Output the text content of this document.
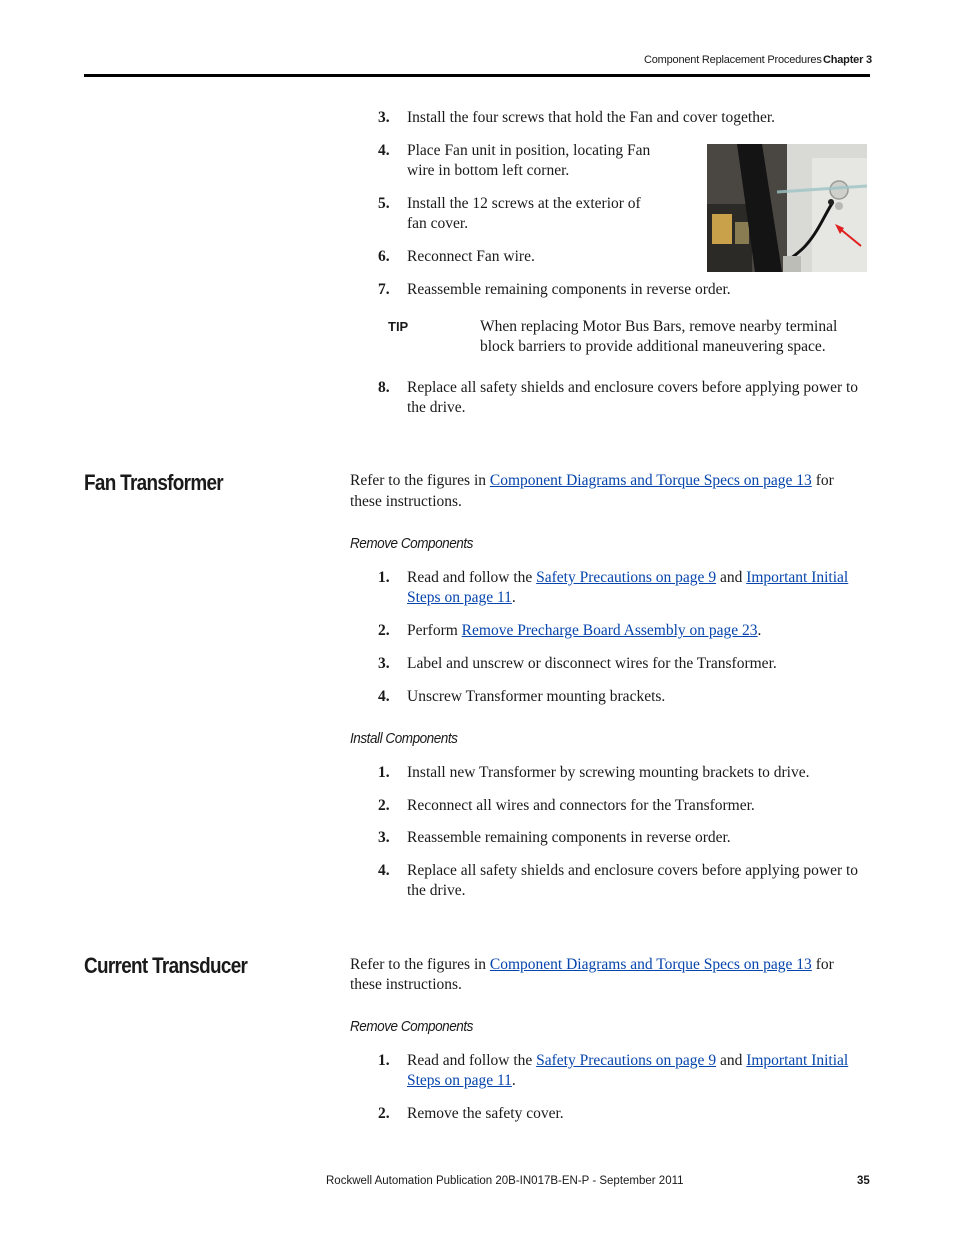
Component Replacement Procedures Chapter 3
3. Install the four screws that hold the Fan and cover together.
4. Place Fan unit in position, locating Fan
wire in bottom left corner.
5. Install the 12 screws at the exterior of
fan cover.
6. Reconnect Fan wire.
7. Reassemble remaining components in reverse order.
TIP	When replacing Motor Bus Bars, remove nearby terminal
block barriers to provide additional maneuvering space.
8. Replace all safety shields and enclosure covers before applying power to
the drive.
Fan Transformer	Refer to the figures in Component Diagrams and Torque Specs on page 13 for
these instructions.
Remove Components
1. Read and follow the Safety Precautions on page 9 and Important Initial
Steps on page 11.
2. Perform Remove Precharge Board Assembly on page 23.
3. Label and unscrew or disconnect wires for the Transformer.
4. Unscrew Transformer mounting brackets.
Install Components
1. Install new Transformer by screwing mounting brackets to drive.
2. Reconnect all wires and connectors for the Transformer.
3. Reassemble remaining components in reverse order.
4. Replace all safety shields and enclosure covers before applying power to
the drive.
Current Transducer	Refer to the figures in Component Diagrams and Torque Specs on page 13 for
these instructions.
Remove Components
1. Read and follow the Safety Precautions on page 9 and Important Initial
Steps on page 11.
2. Remove the safety cover.
Rockwell Automation Publication 20B-IN017B-EN-P - September 2011	35
